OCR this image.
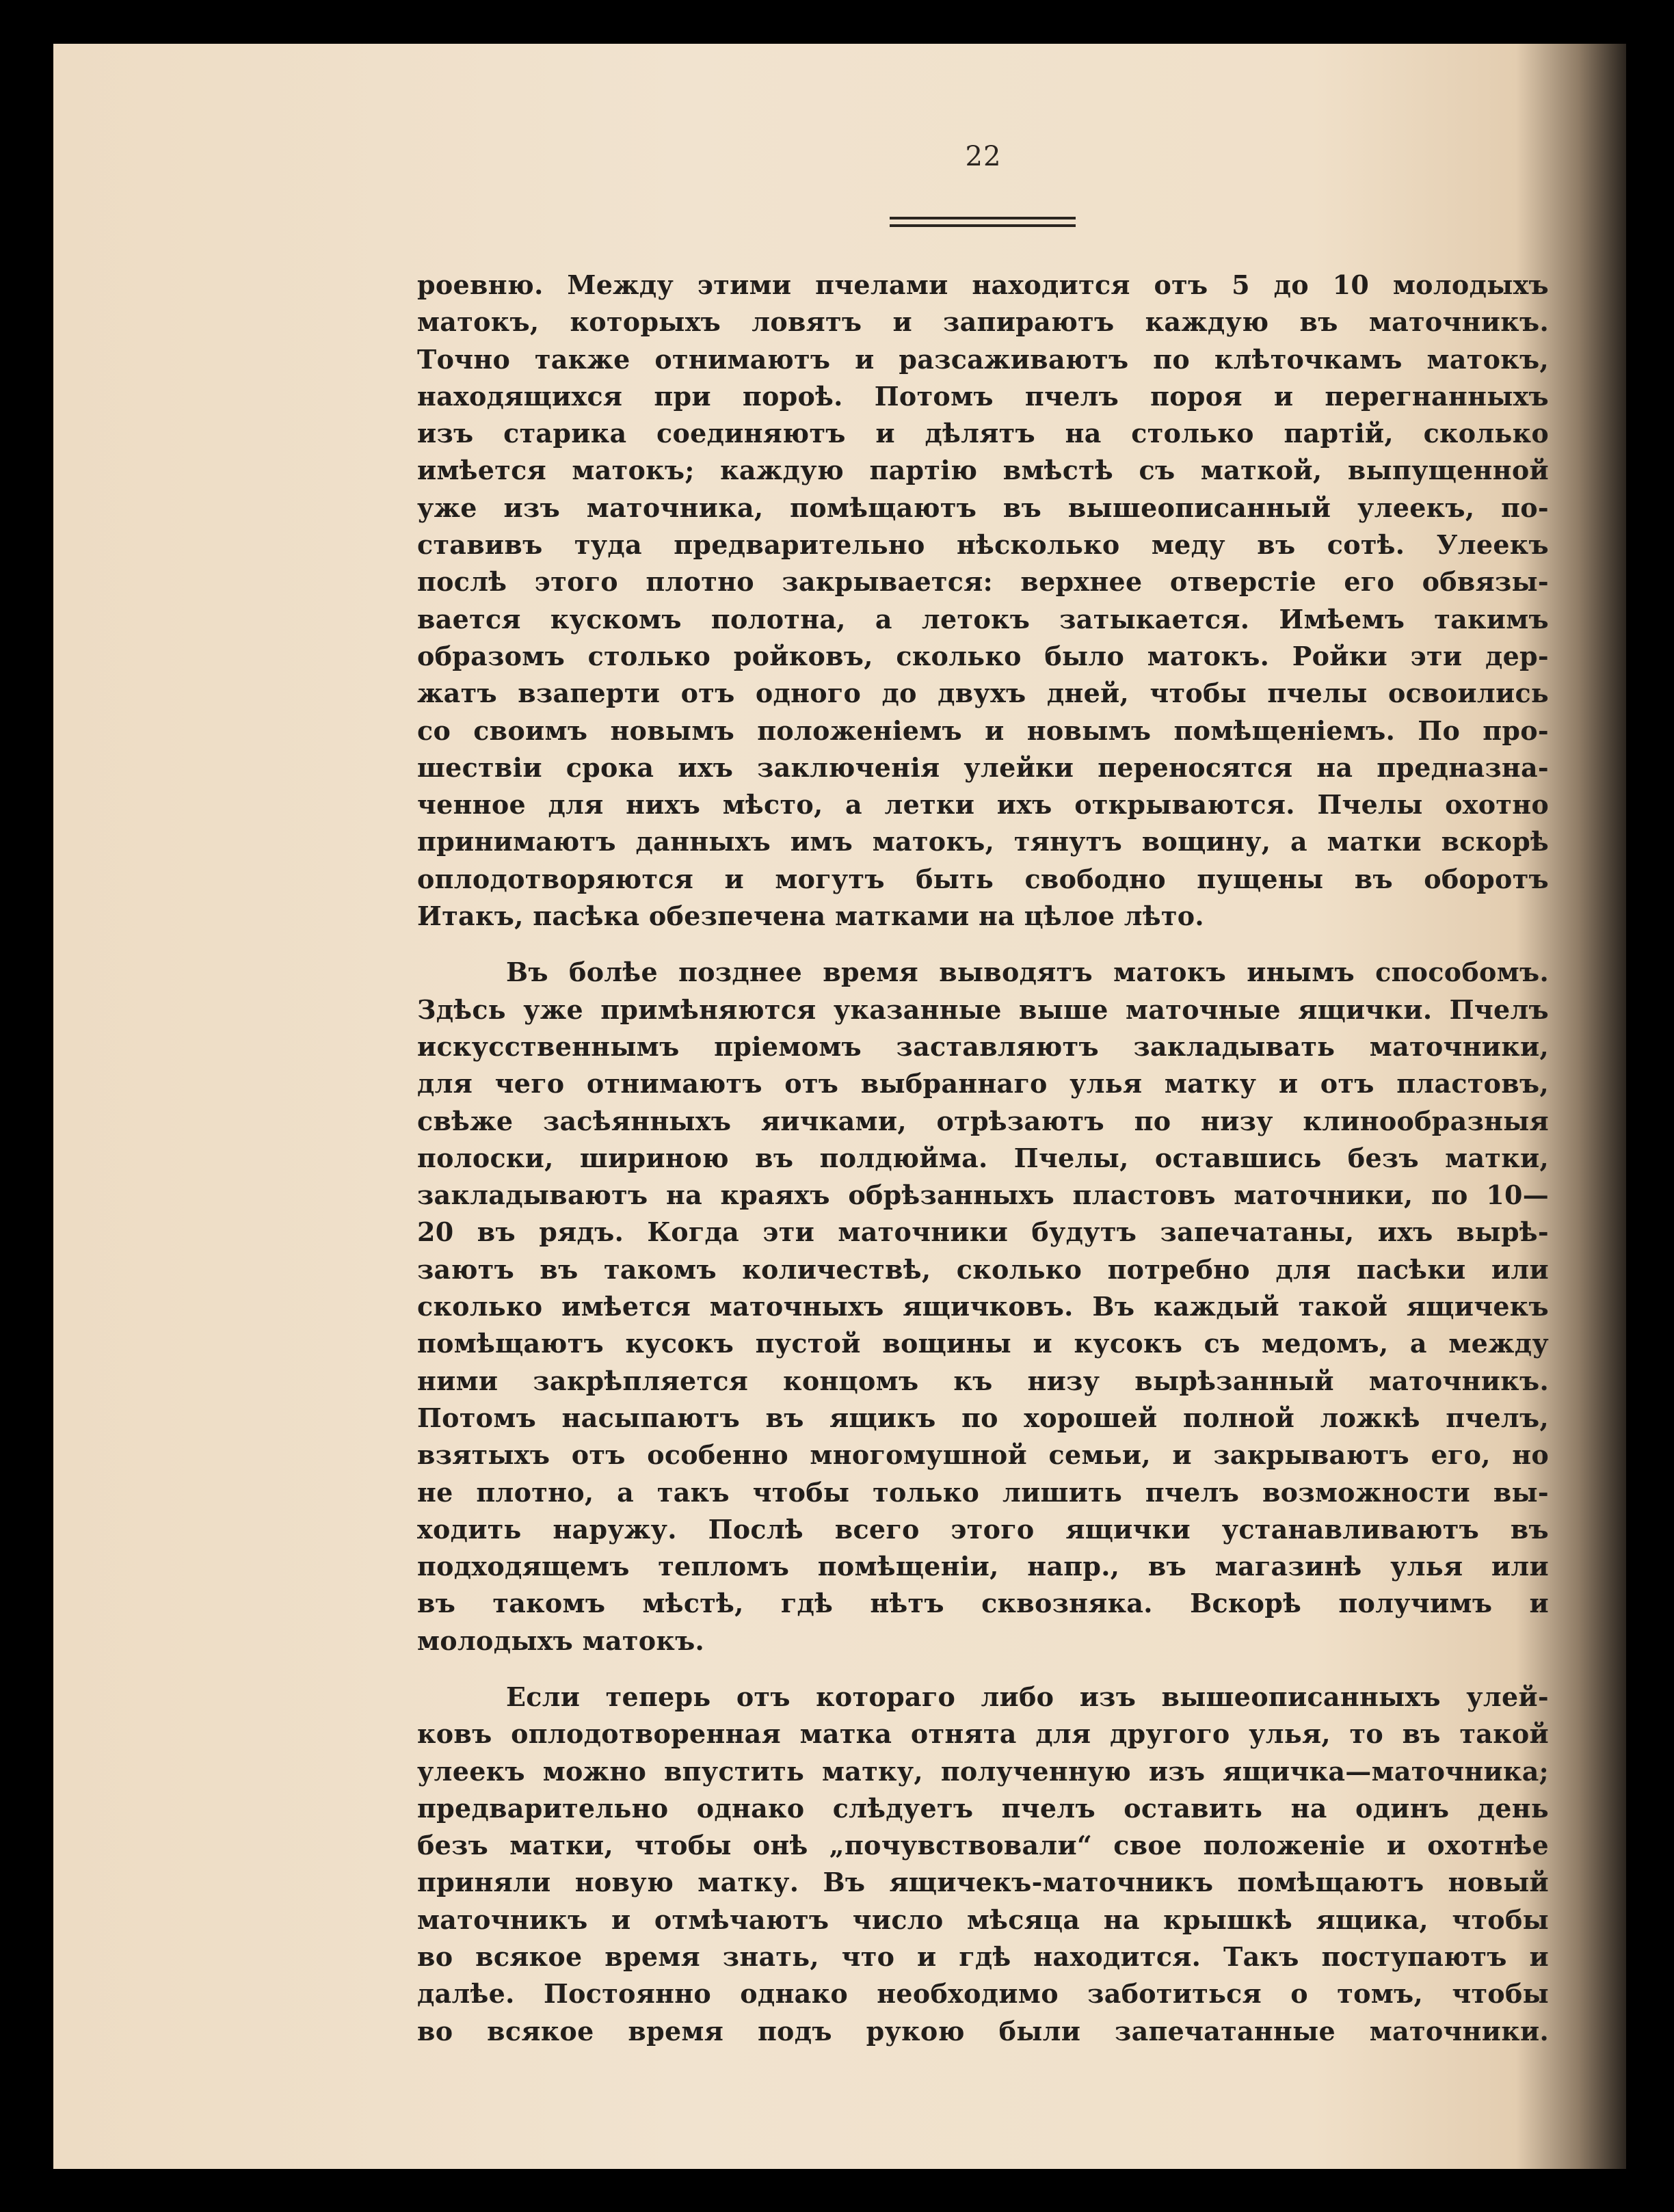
22
роевню. Между этими пчелами находится отъ 5 до 10 молодыхъ
матокъ, которыхъ ловятъ и запираютъ каждую въ маточникъ.
Точно также отнимаютъ и разсаживаютъ по клѣточкамъ матокъ,
находящихся при пороѣ. Потомъ пчелъ пороя и перегнанныхъ
изъ старика соединяютъ и дѣлятъ на столько партій, сколько
имѣется матокъ; каждую партію вмѣстѣ съ маткой, выпущенной
уже изъ маточника, помѣщаютъ въ вышеописанный улеекъ, по-
ставивъ туда предварительно нѣсколько меду въ сотѣ. Улеекъ
послѣ этого плотно закрывается: верхнее отверстіе его обвязы-
вается кускомъ полотна, а летокъ затыкается. Имѣемъ такимъ
образомъ столько ройковъ, сколько было матокъ. Ройки эти дер-
жатъ взаперти отъ одного до двухъ дней, чтобы пчелы освоились
со своимъ новымъ положеніемъ и новымъ помѣщеніемъ. По про-
шествіи срока ихъ заключенія улейки переносятся на предназна-
ченное для нихъ мѣсто, а летки ихъ открываются. Пчелы охотно
принимаютъ данныхъ имъ матокъ, тянутъ вощину, а матки вскорѣ
оплодотворяются и могутъ быть свободно пущены въ оборотъ
Итакъ, пасѣка обезпечена матками на цѣлое лѣто.
Въ болѣе позднее время выводятъ матокъ инымъ способомъ.
Здѣсь уже примѣняются указанные выше маточные ящички. Пчелъ
искусственнымъ пріемомъ заставляютъ закладывать маточники,
для чего отнимаютъ отъ выбраннаго улья матку и отъ пластовъ,
свѣже засѣянныхъ яичками, отрѣзаютъ по низу клинообразныя
полоски, шириною въ полдюйма. Пчелы, оставшись безъ матки,
закладываютъ на краяхъ обрѣзанныхъ пластовъ маточники, по 10—
20 въ рядъ. Когда эти маточники будутъ запечатаны, ихъ вырѣ-
заютъ въ такомъ количествѣ, сколько потребно для пасѣки или
сколько имѣется маточныхъ ящичковъ. Въ каждый такой ящичекъ
помѣщаютъ кусокъ пустой вощины и кусокъ съ медомъ, а между
ними закрѣпляется концомъ къ низу вырѣзанный маточникъ.
Потомъ насыпаютъ въ ящикъ по хорошей полной ложкѣ пчелъ,
взятыхъ отъ особенно многомушной семьи, и закрываютъ его, но
не плотно, а такъ чтобы только лишить пчелъ возможности вы-
ходить наружу. Послѣ всего этого ящички устанавливаютъ въ
подходящемъ тепломъ помѣщеніи, напр., въ магазинѣ улья или
въ такомъ мѣстѣ, гдѣ нѣтъ сквозняка. Вскорѣ получимъ и
молодыхъ матокъ.
Если теперь отъ котораго либо изъ вышеописанныхъ улей-
ковъ оплодотворенная матка отнята для другого улья, то въ такой
улеекъ можно впустить матку, полученную изъ ящичка—маточника;
предварительно однако слѣдуетъ пчелъ оставить на одинъ день
безъ матки, чтобы онѣ „почувствовали“ свое положеніе и охотнѣе
приняли новую матку. Въ ящичекъ-маточникъ помѣщаютъ новый
маточникъ и отмѣчаютъ число мѣсяца на крышкѣ ящика, чтобы
во всякое время знать, что и гдѣ находится. Такъ поступаютъ и
далѣе. Постоянно однако необходимо заботиться о томъ, чтобы
во всякое время подъ рукою были запечатанные маточники.
